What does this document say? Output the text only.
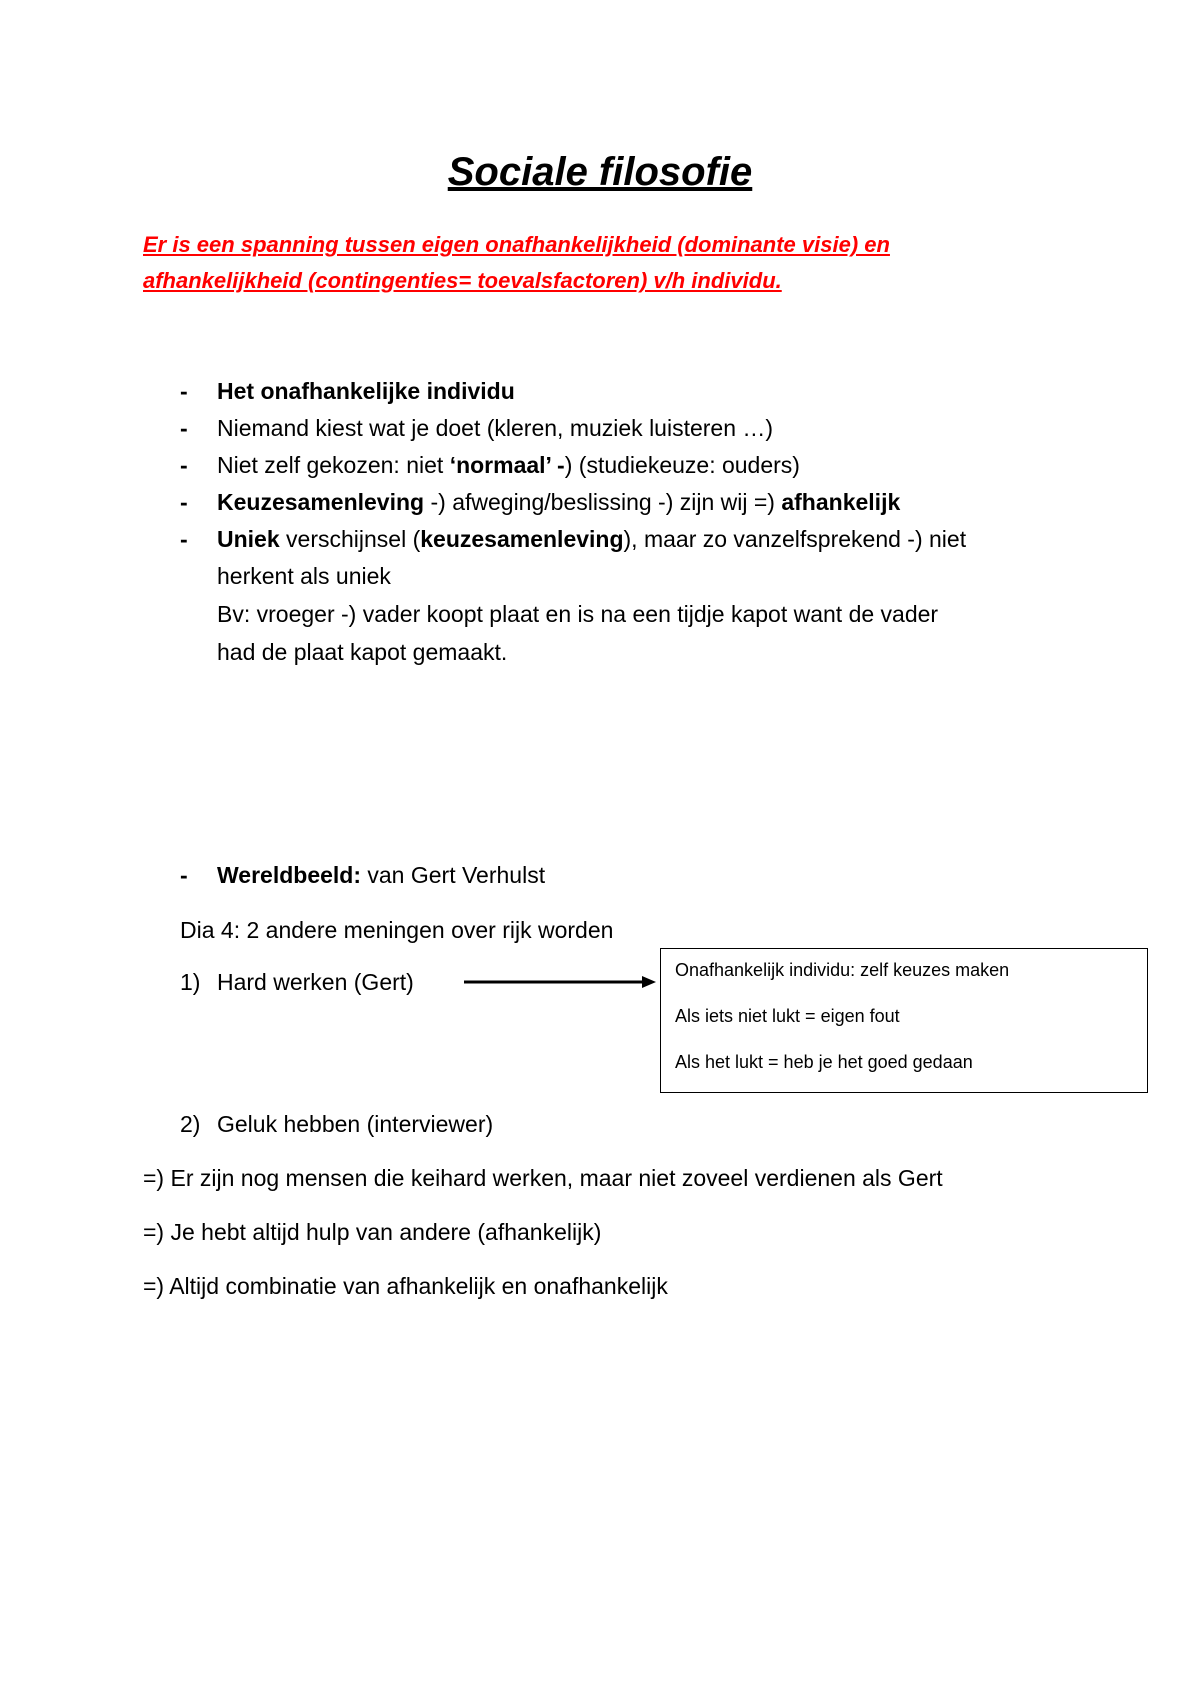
Sociale filosofie
Er is een spanning tussen eigen onafhankelijkheid (dominante visie) en
afhankelijkheid (contingenties= toevalsfactoren) v/h individu.
- Het onafhankelijke individu
- Niemand kiest wat je doet (kleren, muziek luisteren …)
- Niet zelf gekozen: niet ‘normaal’ -) (studiekeuze: ouders)
- Keuzesamenleving -) afweging/beslissing -) zijn wij =) afhankelijk
- Uniek verschijnsel (keuzesamenleving), maar zo vanzelfsprekend -) niet
herkent als uniek
Bv: vroeger -) vader koopt plaat en is na een tijdje kapot want de vader
had de plaat kapot gemaakt.
- Wereldbeeld: van Gert Verhulst
Dia 4: 2 andere meningen over rijk worden
1) Hard werken (Gert)	Onafhankelijk individu: zelf keuzes maken
Als iets niet lukt = eigen fout
Als het lukt = heb je het goed gedaan
2) Geluk hebben (interviewer)
=) Er zijn nog mensen die keihard werken, maar niet zoveel verdienen als Gert
=) Je hebt altijd hulp van andere (afhankelijk)
=) Altijd combinatie van afhankelijk en onafhankelijk
